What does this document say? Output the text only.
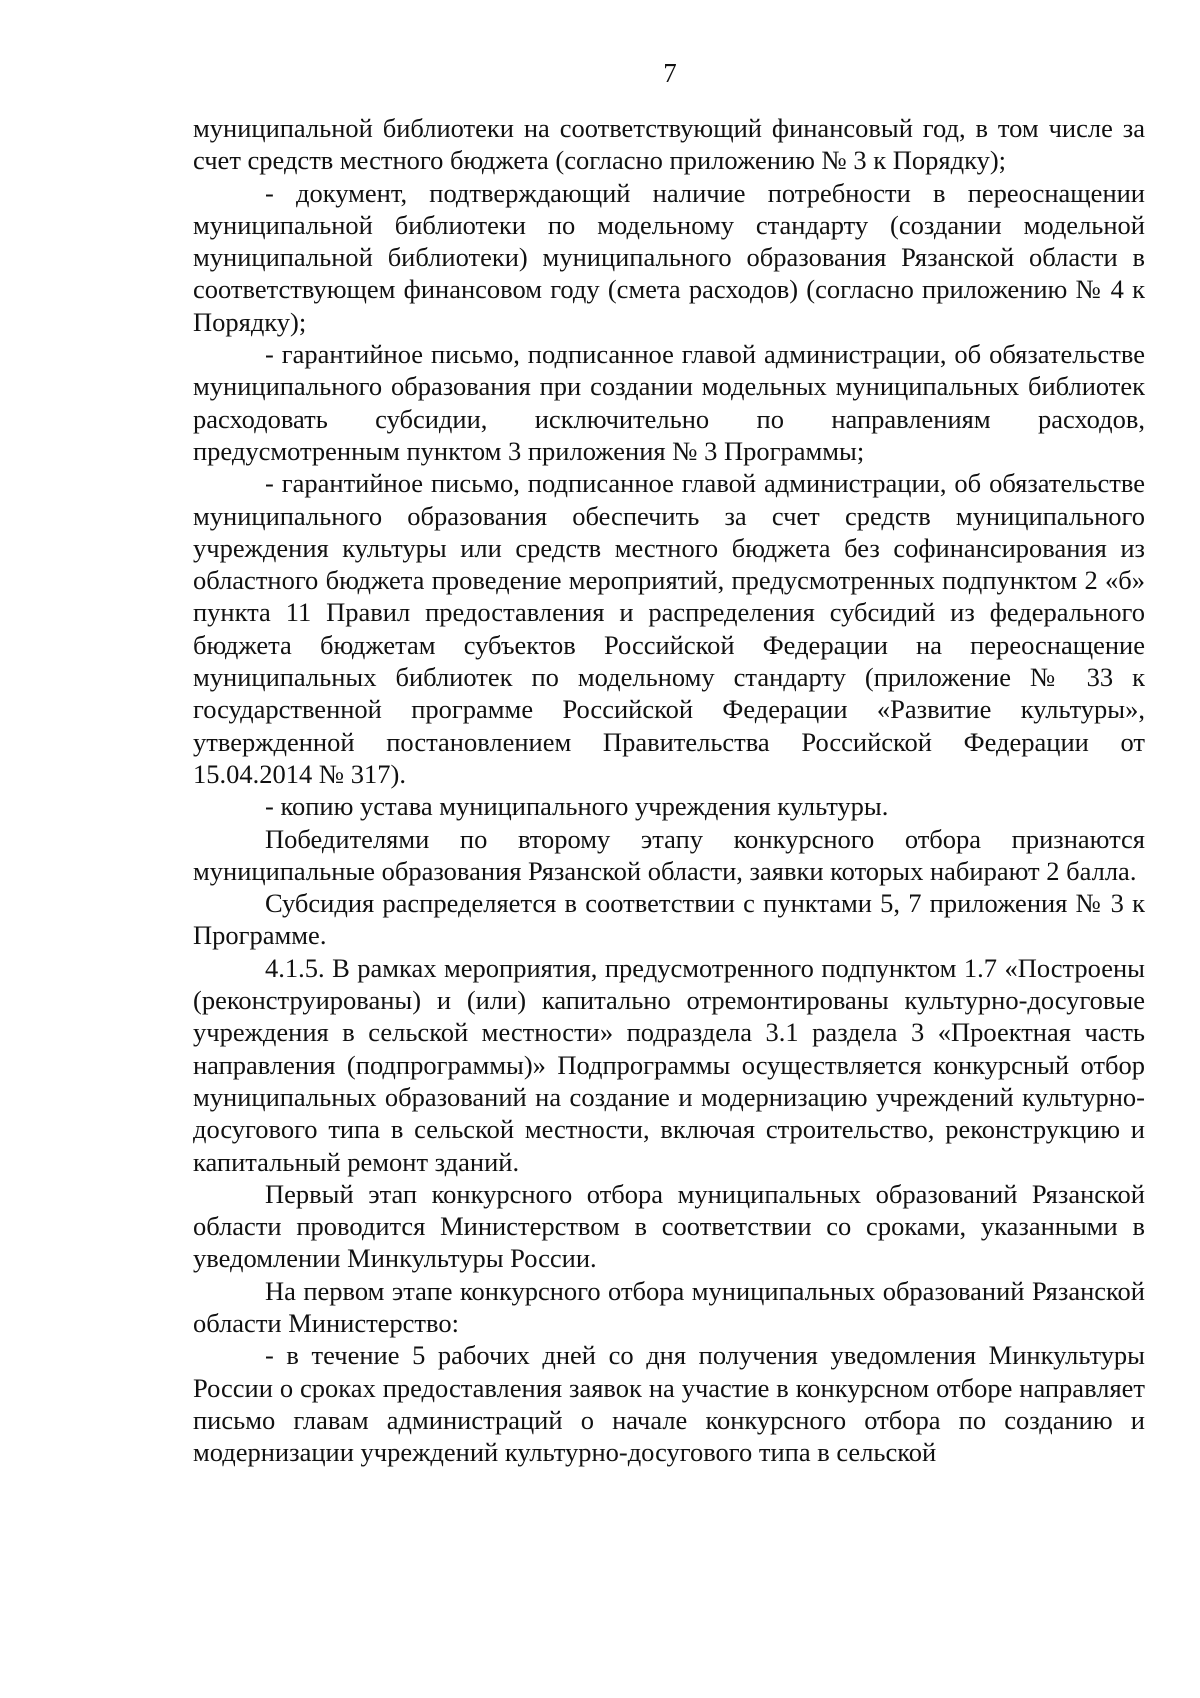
7

муниципальной библиотеки на соответствующий финансовый год, в том числе за счет средств местного бюджета (согласно приложению № 3 к Порядку);

- документ, подтверждающий наличие потребности в переоснащении муниципальной библиотеки по модельному стандарту (создании модельной муниципальной библиотеки) муниципального образования Рязанской области в соответствующем финансовом году (смета расходов) (согласно приложению № 4 к Порядку);

- гарантийное письмо, подписанное главой администрации, об обязательстве муниципального образования при создании модельных муниципальных библиотек расходовать субсидии, исключительно по направлениям расходов, предусмотренным пунктом 3 приложения № 3 Программы;

- гарантийное письмо, подписанное главой администрации, об обязательстве муниципального образования обеспечить за счет средств муниципального учреждения культуры или средств местного бюджета без софинансирования из областного бюджета проведение мероприятий, предусмотренных подпунктом 2 «б» пункта 11 Правил предоставления и распределения субсидий из федерального бюджета бюджетам субъектов Российской Федерации на переоснащение муниципальных библиотек по модельному стандарту (приложение № 33 к государственной программе Российской Федерации «Развитие культуры», утвержденной постановлением Правительства Российской Федерации от 15.04.2014 № 317).

- копию устава муниципального учреждения культуры.

Победителями по второму этапу конкурсного отбора признаются муниципальные образования Рязанской области, заявки которых набирают 2 балла.

Субсидия распределяется в соответствии с пунктами 5, 7 приложения № 3 к Программе.

4.1.5. В рамках мероприятия, предусмотренного подпунктом 1.7 «Построены (реконструированы) и (или) капитально отремонтированы культурно-досуговые учреждения в сельской местности» подраздела 3.1 раздела 3 «Проектная часть направления (подпрограммы)» Подпрограммы осуществляется конкурсный отбор муниципальных образований на создание и модернизацию учреждений культурно-досугового типа в сельской местности, включая строительство, реконструкцию и капитальный ремонт зданий.

Первый этап конкурсного отбора муниципальных образований Рязанской области проводится Министерством в соответствии со сроками, указанными в уведомлении Минкультуры России.

На первом этапе конкурсного отбора муниципальных образований Рязанской области Министерство:

- в течение 5 рабочих дней со дня получения уведомления Минкультуры России о сроках предоставления заявок на участие в конкурсном отборе направляет письмо главам администраций о начале конкурсного отбора по созданию и модернизации учреждений культурно-досугового типа в сельской
